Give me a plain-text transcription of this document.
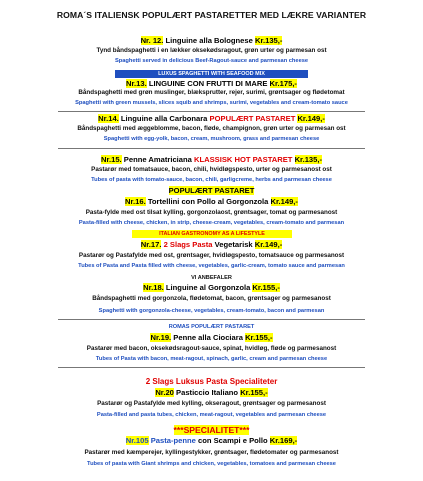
ROMA´S ITALIENSK POPULÆRT PASTARETTER MED LÆKRE VARIANTER
Nr. 12. Linguine alla Bolognese Kr.135,-
Tynd båndspaghetti i en lækker oksekødsragout, grøn urter og parmesan ost
Spaghetti served in delicious Beef-Ragout-sauce and parmesan cheese
LUXUS SPAGHETTI WITH SEAFOOD MIX
Nr.13. LINGUINE CON FRUTTI DI MARE Kr.175,-
Båndspaghetti med grøn muslinger, blæksprutter, rejer, surimi, grøntsager og flødetomat
Spaghetti with green mussels, slices squib and shrimps, surimi, vegetables and cream-tomato sauce
Nr.14. Linguine alla Carbonara POPULÆRT PASTARET Kr.149,-
Båndspaghetti med æggeblomme, bacon, fløde, champignon, grøn urter og parmesan ost
Spaghetti with egg-yolk, bacon, cream, mushroom, grass and parmesan cheese
Nr.15. Penne Amatriciana KLASSISK HOT PASTARET Kr.135,-
Pastarør med tomatsauce, bacon, chili, hvidløgspesto, urter og parmesanost ost
Tubes of pasta with tomato-sauce, bacon, chili, garligcreme, herbs and parmesan cheese
POPULÆRT PASTARET
Nr.16. Tortellini con Pollo al Gorgonzola Kr.149,-
Pasta-fylde med ost tilsat kylling, gorgonzolaost, grøntsager, tomat og parmesanost
Pasta-filled with cheese, chicken, in strip, cheese-cream, vegetables, cream-tomato and parmesan
ITALIAN GASTRONOMY AS A LIFESTYLE
Nr.17. 2 Slags Pasta Vegetarisk Kr.149,-
Pastarør og Pastafylde med ost, grøntsager, hvidløgspesto, tomatsauce og parmesanost
Tubes of Pasta and Pasta filled with cheese, vegetables, garlic-cream, tomato sauce and parmesan
VI ANBEFALER
Nr.18. Linguine al Gorgonzola Kr.155,-
Båndspaghetti med gorgonzola, flødetomat, bacon, grøntsager og parmesanost
Spaghetti with gorgonzola-cheese, vegetables, cream-tomato, bacon and parmesan
ROMAS POPULÆRT PASTARET
Nr.19. Penne alla Ciociara Kr.155,-
Pastarør med bacon, oksekødsragout-sauce, spinat, hvidløg, fløde og parmesanost
Tubes of Pasta with bacon, meat-ragout, spinach, garlic, cream and parmesan cheese
2 Slags Luksus Pasta Specialiteter
Nr.20 Pasticcio Italiano Kr.155,-
Pastarør og Pastafylde med kylling, okseragout, grøntsager og parmesanost
Pasta-filled and pasta tubes, chicken, meat-ragout, vegetables and parmesan cheese
***SPECIALITET***
Nr.105 Pasta-penne con Scampi e Pollo Kr.169,-
Pastarør med kæmperejer, kyllingestykker, grøntsager, flødetomater og parmesanost
Tubes of pasta with Giant shrimps and chicken, vegetables, tomatoes and parmesan cheese
